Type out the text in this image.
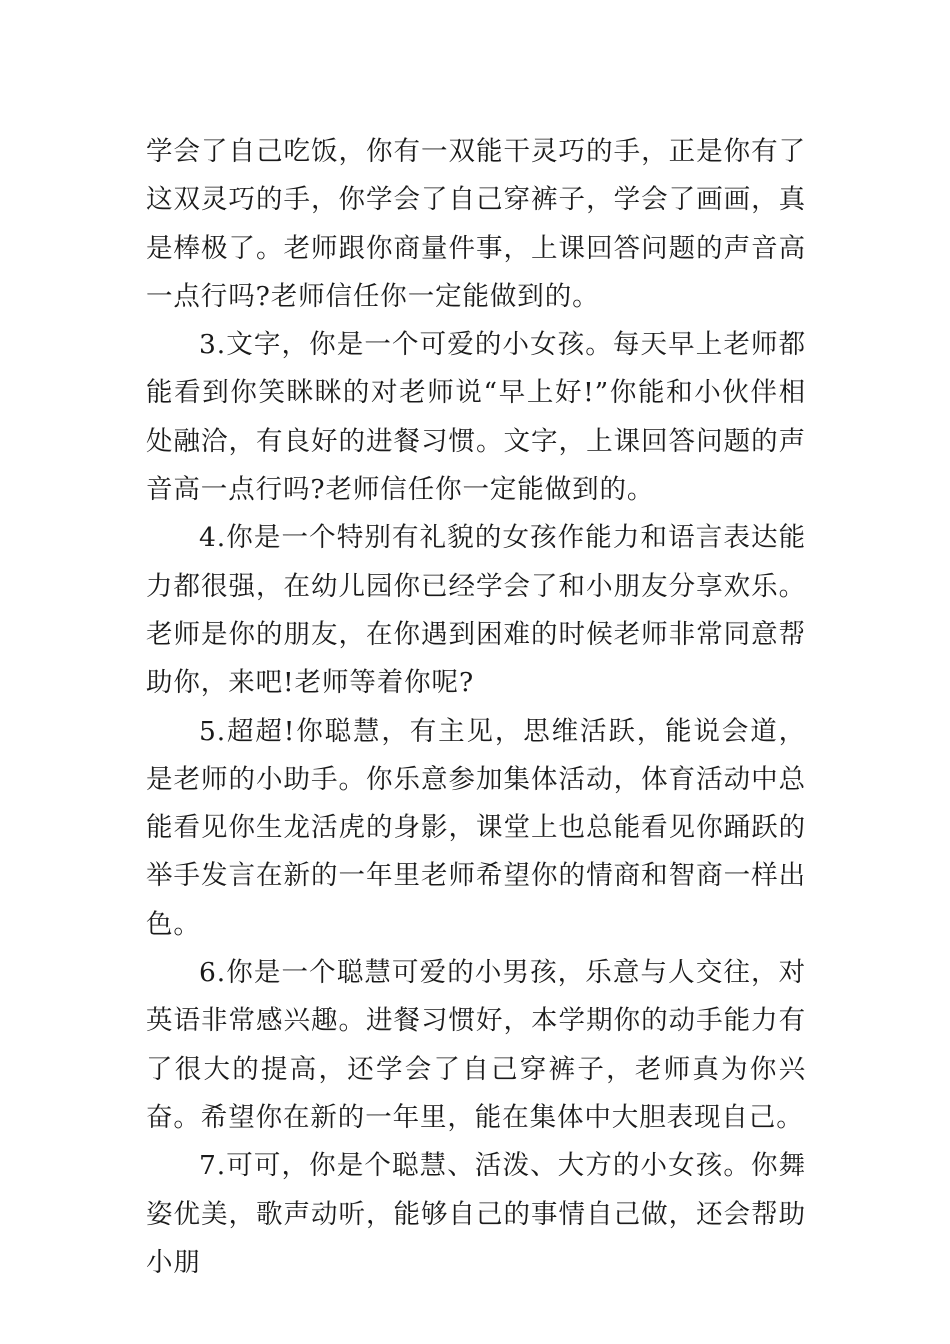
学会了自己吃饭，你有一双能干灵巧的手，正是你有了这双灵巧的手，你学会了自己穿裤子，学会了画画，真是棒极了。老师跟你商量件事，上课回答问题的声音高一点行吗?老师信任你一定能做到的。

3.文字，你是一个可爱的小女孩。每天早上老师都能看到你笑眯眯的对老师说“早上好!”你能和小伙伴相处融洽，有良好的进餐习惯。文字，上课回答问题的声音高一点行吗?老师信任你一定能做到的。

4.你是一个特别有礼貌的女孩作能力和语言表达能力都很强，在幼儿园你已经学会了和小朋友分享欢乐。老师是你的朋友，在你遇到困难的时候老师非常同意帮助你，来吧!老师等着你呢?

5.超超!你聪慧，有主见，思维活跃，能说会道，是老师的小助手。你乐意参加集体活动，体育活动中总能看见你生龙活虎的身影，课堂上也总能看见你踊跃的举手发言在新的一年里老师希望你的情商和智商一样出色。

6.你是一个聪慧可爱的小男孩，乐意与人交往，对英语非常感兴趣。进餐习惯好，本学期你的动手能力有了很大的提高，还学会了自己穿裤子，老师真为你兴奋。希望你在新的一年里，能在集体中大胆表现自己。

7.可可，你是个聪慧、活泼、大方的小女孩。你舞姿优美，歌声动听，能够自己的事情自己做，还会帮助小朋
